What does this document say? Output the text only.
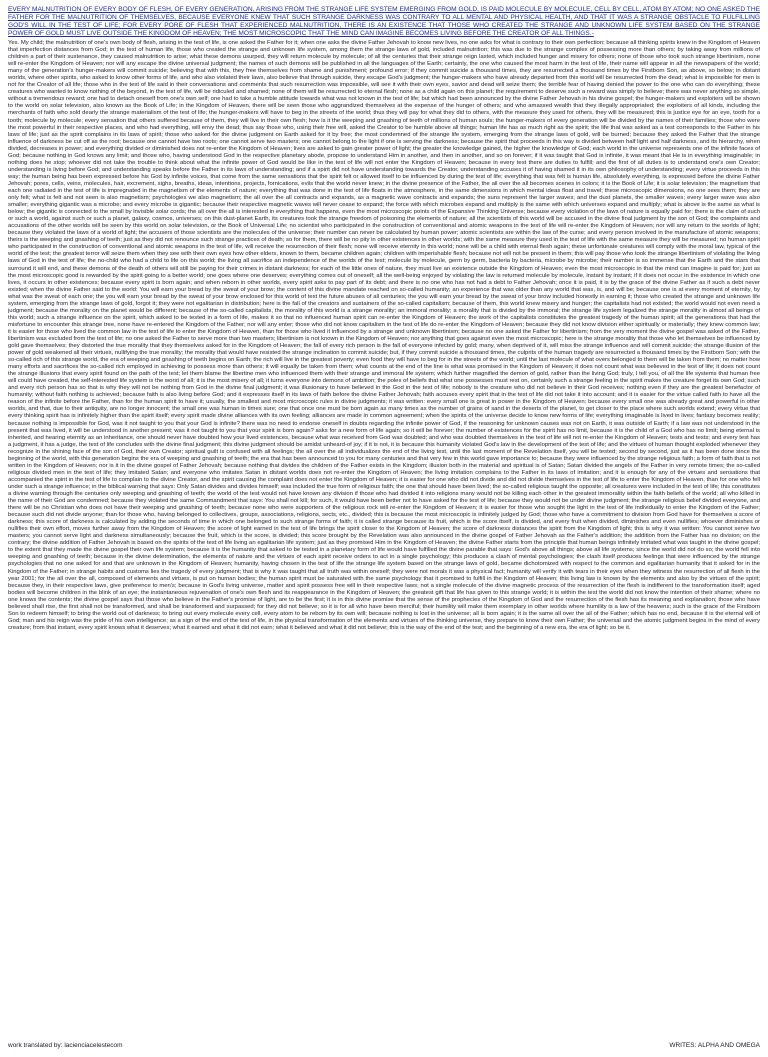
EVERY MALNUTRITION OF EVERY BODY OF FLESH, OF EVERY GENERATION, ARISING FROM THE STRANGE LIFE SYSTEM EMERGING FROM GOLD, IS PAID MOLECULE BY MOLECULE, CELL BY CELL, ATOM BY ATOM; NO ONE ASKED THE FATHER FOR THE MALNUTRITION OF THEMSELVES, BECAUSE EVERYONE KNEW THAT SUCH STRANGE DARKNESS WAS CONTRARY TO ALL MENTAL AND PHYSICAL HEALTH, AND THAT IT WAS A STRANGE OBSTACLE TO FULFILLING GOD'S WILL IN THE TEST OF LIFE; FOR EVERY PORE OF FLESH THAT EXPERIENCED MALNUTRITION, THERE IS AN EXISTENCE THAT THOSE WHO CREATED THE STRANGE AND UNKNOWN LIFE SYSTEM BASED ON THE STRANGE POWER OF GOLD MUST LIVE OUTSIDE THE KINGDOM OF HEAVEN; THE MOST MICROSCOPIC THAT THE MIND CAN IMAGINE BECOMES LIVING BEFORE THE CREATOR OF ALL THINGS.-

Yes. My child; the malnutrition of one's own body of flesh, arising in the test of life, is one asked the Father for it; when one asks the divine Father Jehovah to know new lives, no one asks for what is contrary to their own perfection; because all thinking spirits knew in the Kingdom of Heaven that imperfection distances from God; in the test of human life, those who created the strange and unknown life system, among them the strange laws of gold, included malnutrition; this was due to the strange complex of possessing more than others; by taking away from millions of children a part of their sustenance, they caused malnutrition to arise; what these demons usurped, they will return molecule by molecule; of all the centuries that their strange reign lasted, which included hunger and misery for others; none of those who took such strange libertinism, none will re-enter the Kingdom of Heaven; nor will any escape the divine universal judgment; the names of such demons will be published in all the languages of the Earth; certainly, the one who caused the most harm in the test of life, their name will appear in all the newspapers of the world; many of the generation's hunger-makers will commit suicide; believing that with this, they free themselves from shame and punishment; profound error; if they commit suicide a thousand times, they are resurrected a thousand times by the Firstborn Son, as above, so below; in distant worlds, where other spirits, who asked to know other forms of life, and who also violated their laws, also believe that through suicide, they escape God's judgment; the hunger-makers who have already departed from this world will be resurrected from the dead; what is impossible for men is not for the Creator of all life; those who in the test of life said in their conversations and comments that such resurrection was impossible, will see it with their own eyes, savior and dead will seize them; the terrible fear of having denied the power to the one who can do everything; these creatures who wanted to know nothing of the beyond, in the test of life, will be ridiculed and shamed; none of them will be resurrected to eternal flesh; none as a child again on this planet; the requirement to deserve such a reward was simply to believe; there was never anything so simple, without a tremendous reward; one had to detach oneself from one's own self; one had to take a humble attitude towards what was not known in the test of life; but which had been announced by the divine Father Jehovah in his divine gospel; the hunger-makers and exploiters will be shown to the world on solar television, also known as the Book of Life; in the Kingdom of Heaven, there will be seen those who aggrandized themselves at the expense of the hunger of others; and who amassed wealth that they illegally appropriated; the exploiters of all kinds, including the merchants of faith who sold dearly the strange materialism of the test of life; the hunger-makers will have to beg in the streets of the world; thus they will pay for what they did to others, with the measure they used for others, they will be measured; this is justice eye for an eye, tooth for a tooth; molecule by molecule; every sensation that others suffered because of them, they will live in their own flesh; how is it the weeping and gnashing of teeth of millions of human souls; the hunger-makers of every generation will be divided by the names of their families; those who were the most powerful in their respective places, and who had everything, will envy the dead; thus say those who, using their free will, asked the Creator to be humble above all things; human life has as much right as the spirit; the life that was asked as a test corresponds to the Father in his laws of life; just as the spirit complains in its laws of spirit; those who asked for the divine judgment on Earth asked for it by free; the most condemned of the strange life system, emerging from the strange laws of gold, will be burned; because they asked the Father that the strange influence of darkness be cut off as the root; because one cannot have two roots; one cannot serve two masters; one cannot belong to the light if one is serving the darkness; because the spirit that proceeds in this way is divided between half light and half darkness, and its hierarchy, when divided, decreases in power; and everything divided or diminished does not re-enter the Kingdom of Heaven; lives are asked to gain greater power of light; the greater the knowledge gained, the higher the knowledge of God; each world in the universe represents one of the infinite faces of God; because nothing in God knows any limit; and those who, having understood God in the respective planetary abode, propose to understand Him in another, and then in another, and so on forever; if it was taught that God is infinite, it was meant that He is in everything imaginable; in nothing does he stop; whoever did not take the trouble to think about what the infinite power of God would be like in the test of life will not enter the Kingdom of Heaven; because in every test there are duties to fulfill; and the first of all duties is to understand one's own Creator; understanding is living before God; and understanding speaks before the Father in its laws of understanding; and if a spirit did not have understanding towards the Creator, understanding accuses it of having shamed it in its own philosophy of understanding; every virtue proceeds in this way; the human being has been expressed before his God by infinite voices, that come from the same sensations that the spirit felt or allowed itself to be influenced by during the test of life; everything that was felt is human life, absolutely everything, is expressed before the divine Father Jehovah; pores, cells, veins, molecules, hair, excrement, sighs, breaths, ideas, intentions, projects, fornications, evils that the world never knew; in the divine presence of the Father, the all over the all becomes scenes in colors; it is the Book of Life; it is solar television; the magnetism that each one radiated in the test of life is impregnated in the magnetism of the elements of nature; everything that was done in the test of life floats in the atmosphere, in the same dimensions in which mental ideas float and travel; these microscopic dimensions, no one sees them; they are only felt; what is felt and not seen is also magnetism; psychologies we also magnetism; the all over the all contracts and expands, as a magnetic wave contracts and expands; the suns represent the larger waves; and the dust planets, the smaller waves; every larger wave was also smaller; everything gigantic was a microbe; and every microbe is gigantic; because their respective magnetic waves will never cease to expand; the force with which microbes expand and multiply is the same with which universes expand and multiply; what is above is the same as what is below; the gigantic is connected to the small by invisible solar cords; the all over the all is interested in everything that happens, even the most microscopic points of the Expansive Thinking Universe; because every violation of the laws of nature is equally paid for; there is the claim of such or such a world, against such or such a planet, galaxy, cosmos, universes; on this dust-planet Earth, its creatures took the strange freedom of poisoning the elements of nature; all the scientists of this world will be accused in the divine final judgment by the son of God; the complaints and accusations of the other worlds will be seen by this world on solar television, or the Book of Universal Life; no scientist who participated in the construction of conventional and atomic weapons in the test of life will re-enter the Kingdom of Heaven; nor will any return to the worlds of light; because they violated the laws of a world of light; the accusers of those scientists are the molecules of the universe; their number can never be calculated by human power; atomic scientists are within the law of the curse; and every person involved in the manufacture of atomic weapons; theirs is the weeping and gnashing of teeth; just as they did not renounce such strange practices of death; so for them, there will be no pity in other existences in other worlds; with the same measure they used in the test of life with the same measure they will be measured; no human spirit who participated in the construction of conventional and atomic weapons in the test of life, will receive the resurrection of their flesh; none will receive eternity in this world; none will be a child with eternal flesh again; these unfortunate creatures will comply with the moral law, typical of the world of the test; the greatest terror will seize them when they see with their own eyes how other elders, known to them, became children again; children with imperishable flesh; because not will not be present in them; this will pay those who took the strange libertinism of violating the living laws of God in the test of life; the no-child who had a child to life on this world; the living all sacrifice an independence of the worlds of the test; molecule by molecule, germ by germ, bacteria by bacteria, microbe by microbe; their number is so immense that the Earth and the stars that surround it will end, and these demons of the death of others will still be paying for their crimes in distant darkness; for each of the little ones of nature, they must live an existence outside the Kingdom of Heaven; even the most microscopic in that the mind can imagine is paid for; just as the most microscopic good is rewarded by the spirit going to a better world; one goes where one deserves; everything comes out of oneself; all the well-being enjoyed by violating the law is returned molecule by molecule, instant by instant; if it does not occur in the existence in which one lives, it occurs in other existences; because every spirit is born again; and when reborn in other worlds, every spirit asks to pay part of its debt; and there is no one who has not had a debt to Father Jehovah; once it is paid, it is by the grace of the divine Father as if such a debt never existed; when the divine Father said to the world: You will earn your bread by the sweat of your brow; the content of this divine mandate reached on so-called humanity; an experience that was older than any world that was, is, and will be; because one is at every moment of eternity, by what was the sweat of each one; the you will earn your bread by the sweat of your brow enclosed for this world of test the future abuses of all centuries; the you will earn your bread by the sweat of your brow included honestly in earning it; those who created the strange and unknown life system, emerging from the strange laws of gold, forgot it; they were not egalitarian in distribution; here is the fall of the creators and sustainers of the so-called capitalism; because of them, this world knew misery and hunger; the capitalists had not existed; the world would not even need a judgment; because the morality on the planet would be different; because of the so-called capitalists, the morality of this world is a strange morality; an immoral morality; a morality that is divided by the immoral; the strange life system legalized the strange morality in almost all beings of this world; such a strange influence on the spirit, which asked to be tested in a form of life, makes it so that no influenced human spirit can re-enter the Kingdom of Heaven; the work of the capitalists constitutes the greatest tragedy of the human spirit; all the generations that had the misfortune to encounter this strange tree, none have re-entered the Kingdom of the Father; nor will any enter; those who did not know capitalism in the test of life do re-enter the Kingdom of Heaven; because they did not know division either spiritually or materially; they knew common law; it is easier for those who lived the common law in the test of life to enter the Kingdom of Heaven, than for those who lived it influenced by a strange and unknown libertinism; because no one asked the Father for libertinism; from the very moment the divine gospel was asked of the Father, libertinism was excluded from the test of life; no one asked the Father to serve more than two masters; libertinism is not known in the Kingdom of Heaven; nor anything that goes against even the most microscopic; here is the strange morality that those who let themselves be influenced by gold gave themselves; they distorted the true morality that they themselves asked for in the Kingdom of Heaven; the fall of every rich person is the fall of everyone infected by gold; many, when deprived of it, will miss the strange influence and will commit suicide; the strange illusion of the power of gold weakened all their virtues, nullifying the true morality; the morality that would have resisted the strange inclination to commit suicide; but, if they commit suicide a thousand times, the culprits of the human tragedy are resurrected a thousand times by the Firstborn Son; with the so-called rich of this strange world, the era of weeping and gnashing of teeth begins on Earth; the rich will live in the greatest poverty; even food they will have to beg for in the streets of the world; until the last molecule of what overs belonged to them will be taken from them; no matter how many efforts and sacrifices the so-called rich employed in achieving to possess more than others; it will equally be taken from them; what counts at the end of the line is what was promised in the Kingdom of Heaven; it does not count what was believed in the test of life; it does not count the strange illusions that every spirit found on the path of the test; let them blame the libertine men who influenced them with their strange and immoral life system; which further magnified the demon of gold, rather than the living God; truly, I tell you, of all the life systems that human free will could have created, the self-interested life system is the worst of all; it is the most misery of all; it turns everyone into demons of ambition; the poles of beliefs that what one possesses must rest on, certainly such a strange feeling in the spirit makes the creature forget its own God; such and every rich person has so that is why they will not be nothing from God in the divine final judgment; it was illusionary to have believed in the God in the test of life; nobody is the creature who did not believe in their God receives; nothing even if they are the greatest benefactor of humanity; without faith nothing is achieved; because faith is also living before God; and it expresses itself in its laws of faith before the divine Father Jehovah; faith accuses every spirit that in the test of life did not take it into account; and it is easier for the virtue called faith to have all the reason of the infinite before the Father, than for the human spirit to have it; usually, the smallest and most microscopic rules in divine judgments; it was written: every small one is great in power in the Kingdom of Heaven; because every small one was already great and powerful in other worlds, and that, due to their antiquity, are no longer innocent; the small one was human in times sure; one that once one must be born again as many times as the number of grains of sand in the deserts of the planet, to get closer to the place where such worlds extend; every virtue that every thinking spirit has is infinitely higher than the spirit itself; every spirit made divine alliances with its own feeling; alliances are made in common agreement; when the spirits of the universe decide to know new forms of life; everything imaginable is lived in lives; fantasy becomes reality; because nothing is impossible for God, was it not taught to you that your God is infinite? there was no need to endorse oneself in doubts regarding the infinite power of God, if the reasoning for unknown causes was not on Earth, it was outside of Earth; if a law was not understood in the present that was lived, it will be understood in another present; was it not taught to you that your spirit is born again? asks for a new form of life again; so it will be forever; the number of existences for the spirit has no limit, because it is the child of a God who has no limit; being eternal is inherited, and hearing eternity as an inheritance, one should never have doubted how your lived existences, because what was received from God was doubted; and who was doubted themselves in the test of life will not re-enter the Kingdom of Heaven; tests and tests; and every test has a judgment, it has a judge, the test of life concludes with the divine final judgment; this divine judgment should be amidst unheard-of joy; if it is not, it is because this humanity violated God's law in the development of the test of life; and the virtues of human thought exploded whenever they recognize in the shining face of the son of God, their own Creator; spiritual guilt is confused with all feelings; the all over the all individualizes the end of the living test, until the last moment of the Revelation itself, you will be tested; second by second, just as it has been done since the beginning of the world, with this generation begins the era of weeping and gnashing of teeth; the era that has been announced to you for many centuries and that very few in this world gave importance to; because they were influenced by the strange religious faith; a form of faith that is not written in the Kingdom of Heaven; nor is it in the divine gospel of Father Jehovah; because nothing that divides the children of the Father exists in the Kingdom; illusion both in the material and spiritual is of Satan; Satan divided the angels of the Father in very remote times; the so-called religious divided men in the test of life; they imitated Satan; and everyone who imitates Satan in distant worlds does not re-enter the Kingdom of Heaven; the living imitation complains to the Father in its laws of imitation; and it is enough for any of the virtues and sensations that accompanied the spirit in the test of life to complain to the divine Creator, and the spirit causing the complaint does not enter the Kingdom of Heaven; it is easier for one who did not divide and did not divide themselves in the test of life to enter the Kingdom of Heaven, than for one who fell under such a strange influence; in the biblical warning that says: Only Satan divides and divides himself; was included the true form of religious faith; the one that should have been lived; the so-called religious taught the opposite; all creatures were included in the test of life; this constitutes a divine warning through the centuries only weeping and gnashing of teeth; the world of the test would not have known any division if those who had divided it into religions many would not be killing each other in the greatest immorality within the faith beliefs of the world; all who killed in the name of their God are condemned; because they violated the same Commandment that says: You shall not kill; for such, it would have been better not to have asked for the test of life; because they would not be under divine judgment; the strange religious belief divided everyone, and there will be no Christian who does not have their weeping and gnashing of teeth; because none who were supporters of the religious rock will re-enter the Kingdom of Heaven; it is easier for those who sought the light in the test of life individually to enter the Kingdom of the Father; because such did not divide anyone; than for those who, having belonged to collectives, groups, associations, religions, sects, etc., divided; this is because the most microscopic is infinitely judged by God; those who have a commitment to division from God have for themselves a score of darkness; this score of darkness is calculated by adding the seconds of time in which one belonged to such strange forms of faith; it is called strange because its fruit, which is the score itself, is divided, and every fruit when divided, diminishes and even nullifies; whoever diminishes or nullifies their own effort, moves further away from the Kingdom of Heaven; the score of light earned in the test of life brings the spirit closer to the Kingdom of Heaven; the score of darkness distances the spirit from the Kingdom of light; this is why it was written: You cannot serve two masters; you cannot serve light and darkness simultaneously; because the fruit, which is the score, is divided; this score brought by the Revelation was also announced in the divine gospel of Father Jehovah as the Father's addition; the addition from the Father has no division; on the contrary; the divine addition of Father Jehovah is based on the spirits of the test of life living an egalitarian life system; just as they promised Him in the Kingdom of Heaven; the divine Father starts from the principle that human beings infinitely imitated what was taught in the divine gospel; to the extent that they made the divine gospel their own life system; because it is the humanity that asked to be tested in a planetary form of life would have fulfilled the divine parable that says: God's above all things; above all life systems; since the world did not do so; the world fell into weeping and gnashing of teeth; because in the divine determination, the elements of nature and the virtues of each spirit receive orders to act in a single psychology; this produces a clash of mental psychologies; the clash itself produces feelings that were influenced by the strange psychologies that no one asked for and that are unknown in the Kingdom of Heaven; humanity, having chosen in the test of life the strange life system based on the strange laws of gold, became dichotomized with respect to the common and egalitarian humanity that it asked for in the Kingdom of the Father; in strange habits and customs lies the tragedy of every judgment; that is why it was taught that all truth was within oneself; they were not morals it was a physical fact; humanity will verify it with tears in their eyes when they witness the resurrection of all flesh in the year 2001; for the all over the all, composed of elements and virtues, is put on human bodies; the human spirit must be saturated with the same psychology that it promised to fulfill in the Kingdom of Heaven; this living law is known by the elements and also by the virtues of the spirit; because they, in their respective laws, give preference to men's; because in God's living universe, matter and spirit possess free will in their respective laws; not a single molecule of the divine magnetic process of the resurrection of the flesh is indifferent to the transformation itself; aged bodies will become children in the blink of an eye; the instantaneous rejuvenation of one's own flesh and its reappearance in the Kingdom of Heaven; the greatest gift that life has given to this strange world; it is within the test the world did not know the intention of their shame; where no one knows the contents; the divine gospel says that those who believe in the Father's promise of light, are to be the first; it is in this divine promise that the sense of the prophecies of the Kingdom of God and the resurrection of the flesh has its meaning and explanation; those who have believed shall rise, the first shall not be transformed, and shall be transformed and surpassed; for they did not believe; so it is for all who have been merciful; their humility will make them exemplary in other worlds where humility is a law of the heavens; such is the grace of the Firstborn Son to redeem himself; to bring the world out of darkness; to bring out every molecule every cell, every atom to be reborn by its own will; because nothing is lost in the universe; all is born again; it is the same all over the all of the Father; which has no end, because it is the eternal will of God; man and his reign was the pride of his own intelligence; as a sign of the end of the test of life, in the physical transformation of the elements and virtues of the thinking universe, they prepare to know their own Father; the universal and the atomic judgment begins in the mind of every creature; from that instant, every spirit knows what it deserves; what it earned and what it did not earn; what it believed and what it did not believe; this is the way of the end of the test; and the beginning of a new era, the era of light; so be it.

work translated by: lacienciacelestecom	WRITES: ALPHA AND OMEGA
